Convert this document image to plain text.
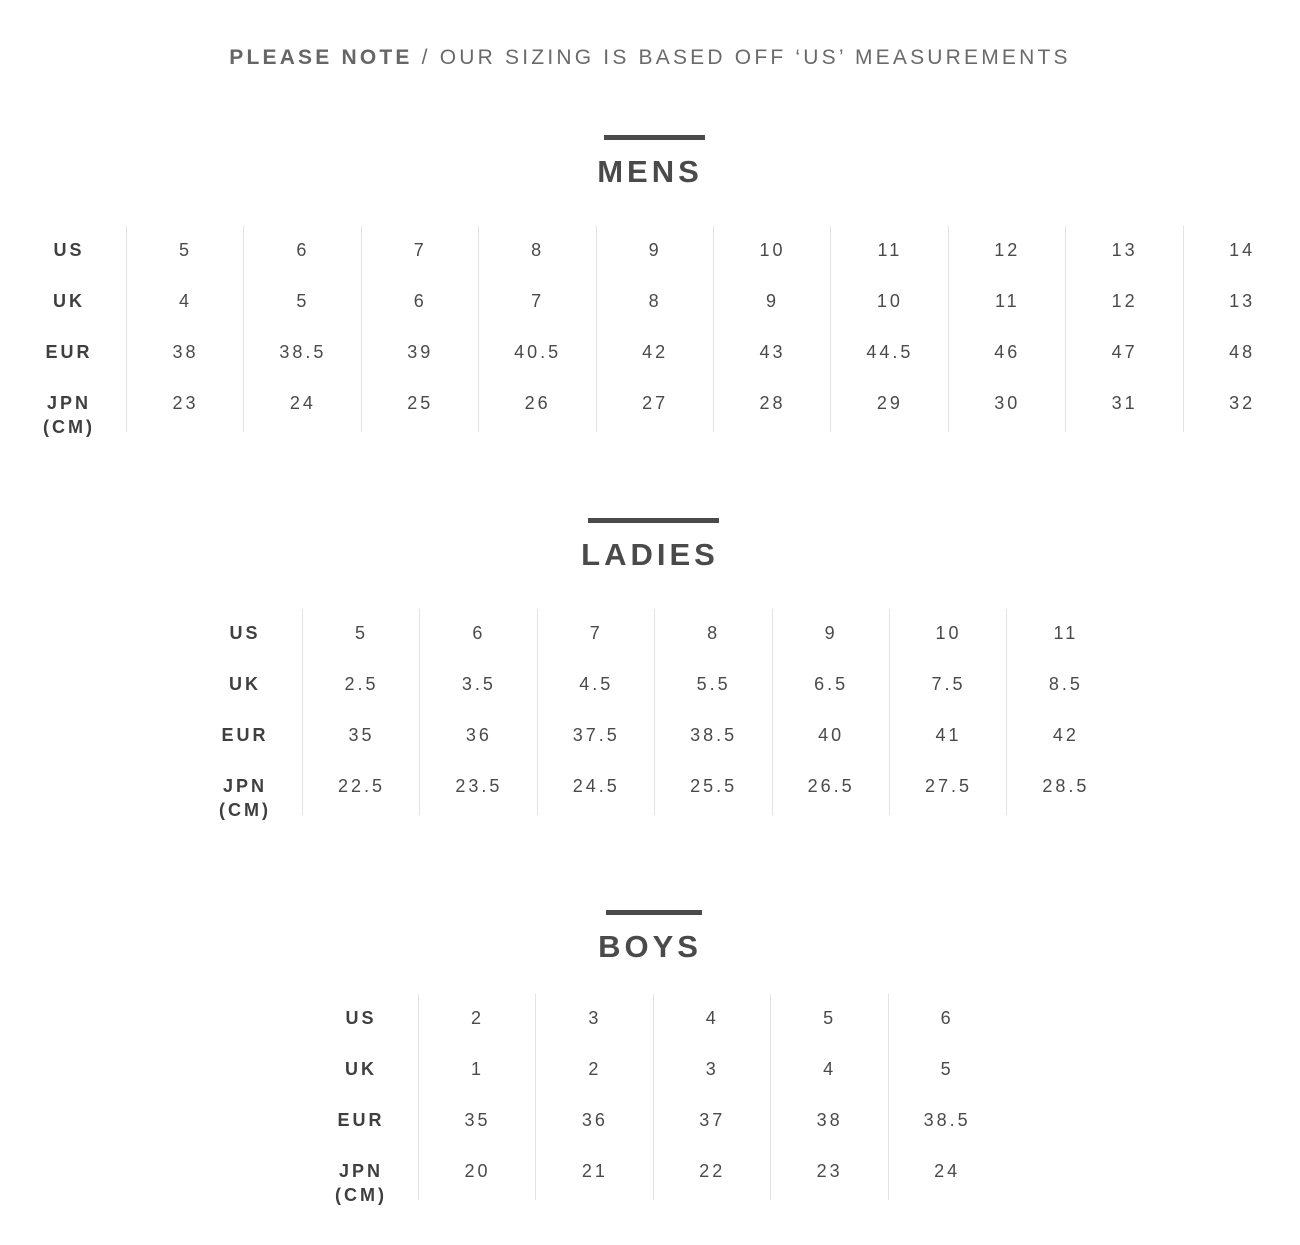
PLEASE NOTE / OUR SIZING IS BASED OFF ‘US’ MEASUREMENTS
MENS
US
UK
EUR
JPN
(CM)
5
4
38
23
6
5
38.5
24
7
6
39
25
8
7
40.5
26
9
8
42
27
10
9
43
28
11
10
44.5
29
12
11
46
30
13
12
47
31
14
13
48
32
LADIES
US
UK
EUR
JPN
(CM)
5
2.5
35
22.5
6
3.5
36
23.5
7
4.5
37.5
24.5
8
5.5
38.5
25.5
9
6.5
40
26.5
10
7.5
41
27.5
11
8.5
42
28.5
BOYS
US
UK
EUR
JPN
(CM)
2
1
35
20
3
2
36
21
4
3
37
22
5
4
38
23
6
5
38.5
24
